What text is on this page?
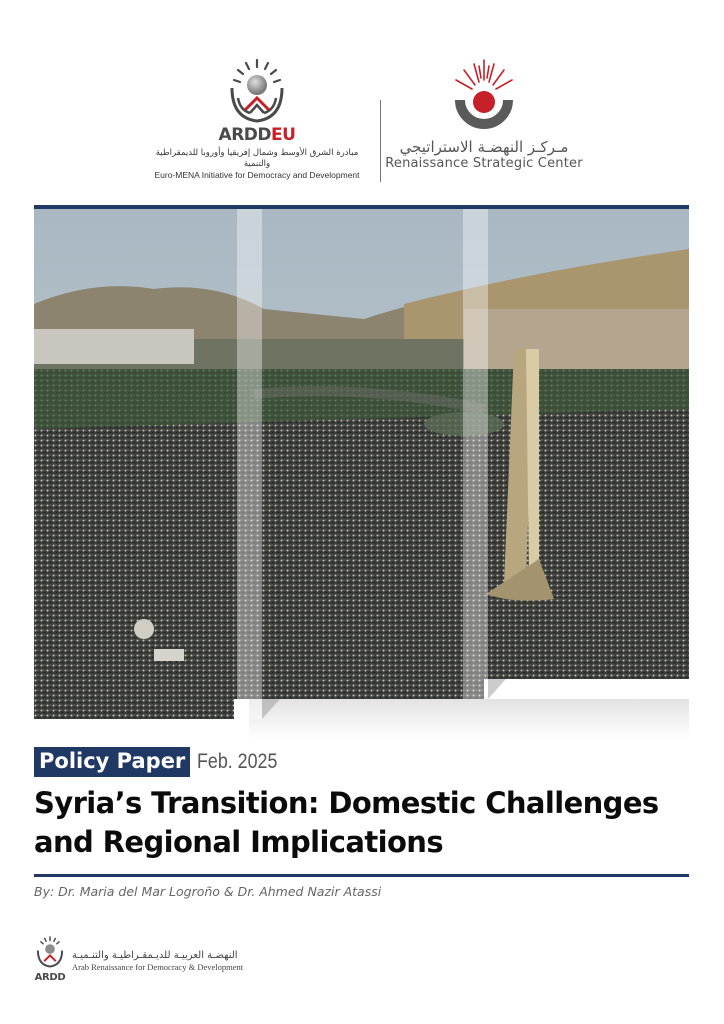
ARDDEU
مبادرة الشرق الأوسط وشمال إفريقيا وأوروبا للديمقراطية والتنمية
Euro-MENA Initiative for Democracy and Development
مـركـز النهضـة الاستراتيجي
Renaissance Strategic Center
Policy Paper Feb. 2025
Syria’s Transition: Domestic Challenges
and Regional Implications
By: Dr. Maria del Mar Logroño & Dr. Ahmed Nazir Atassi
ARDD
النهضـة العربيـة للديـمقـراطيـة والتنـميـة
Arab Renaissance for Democracy & Development
